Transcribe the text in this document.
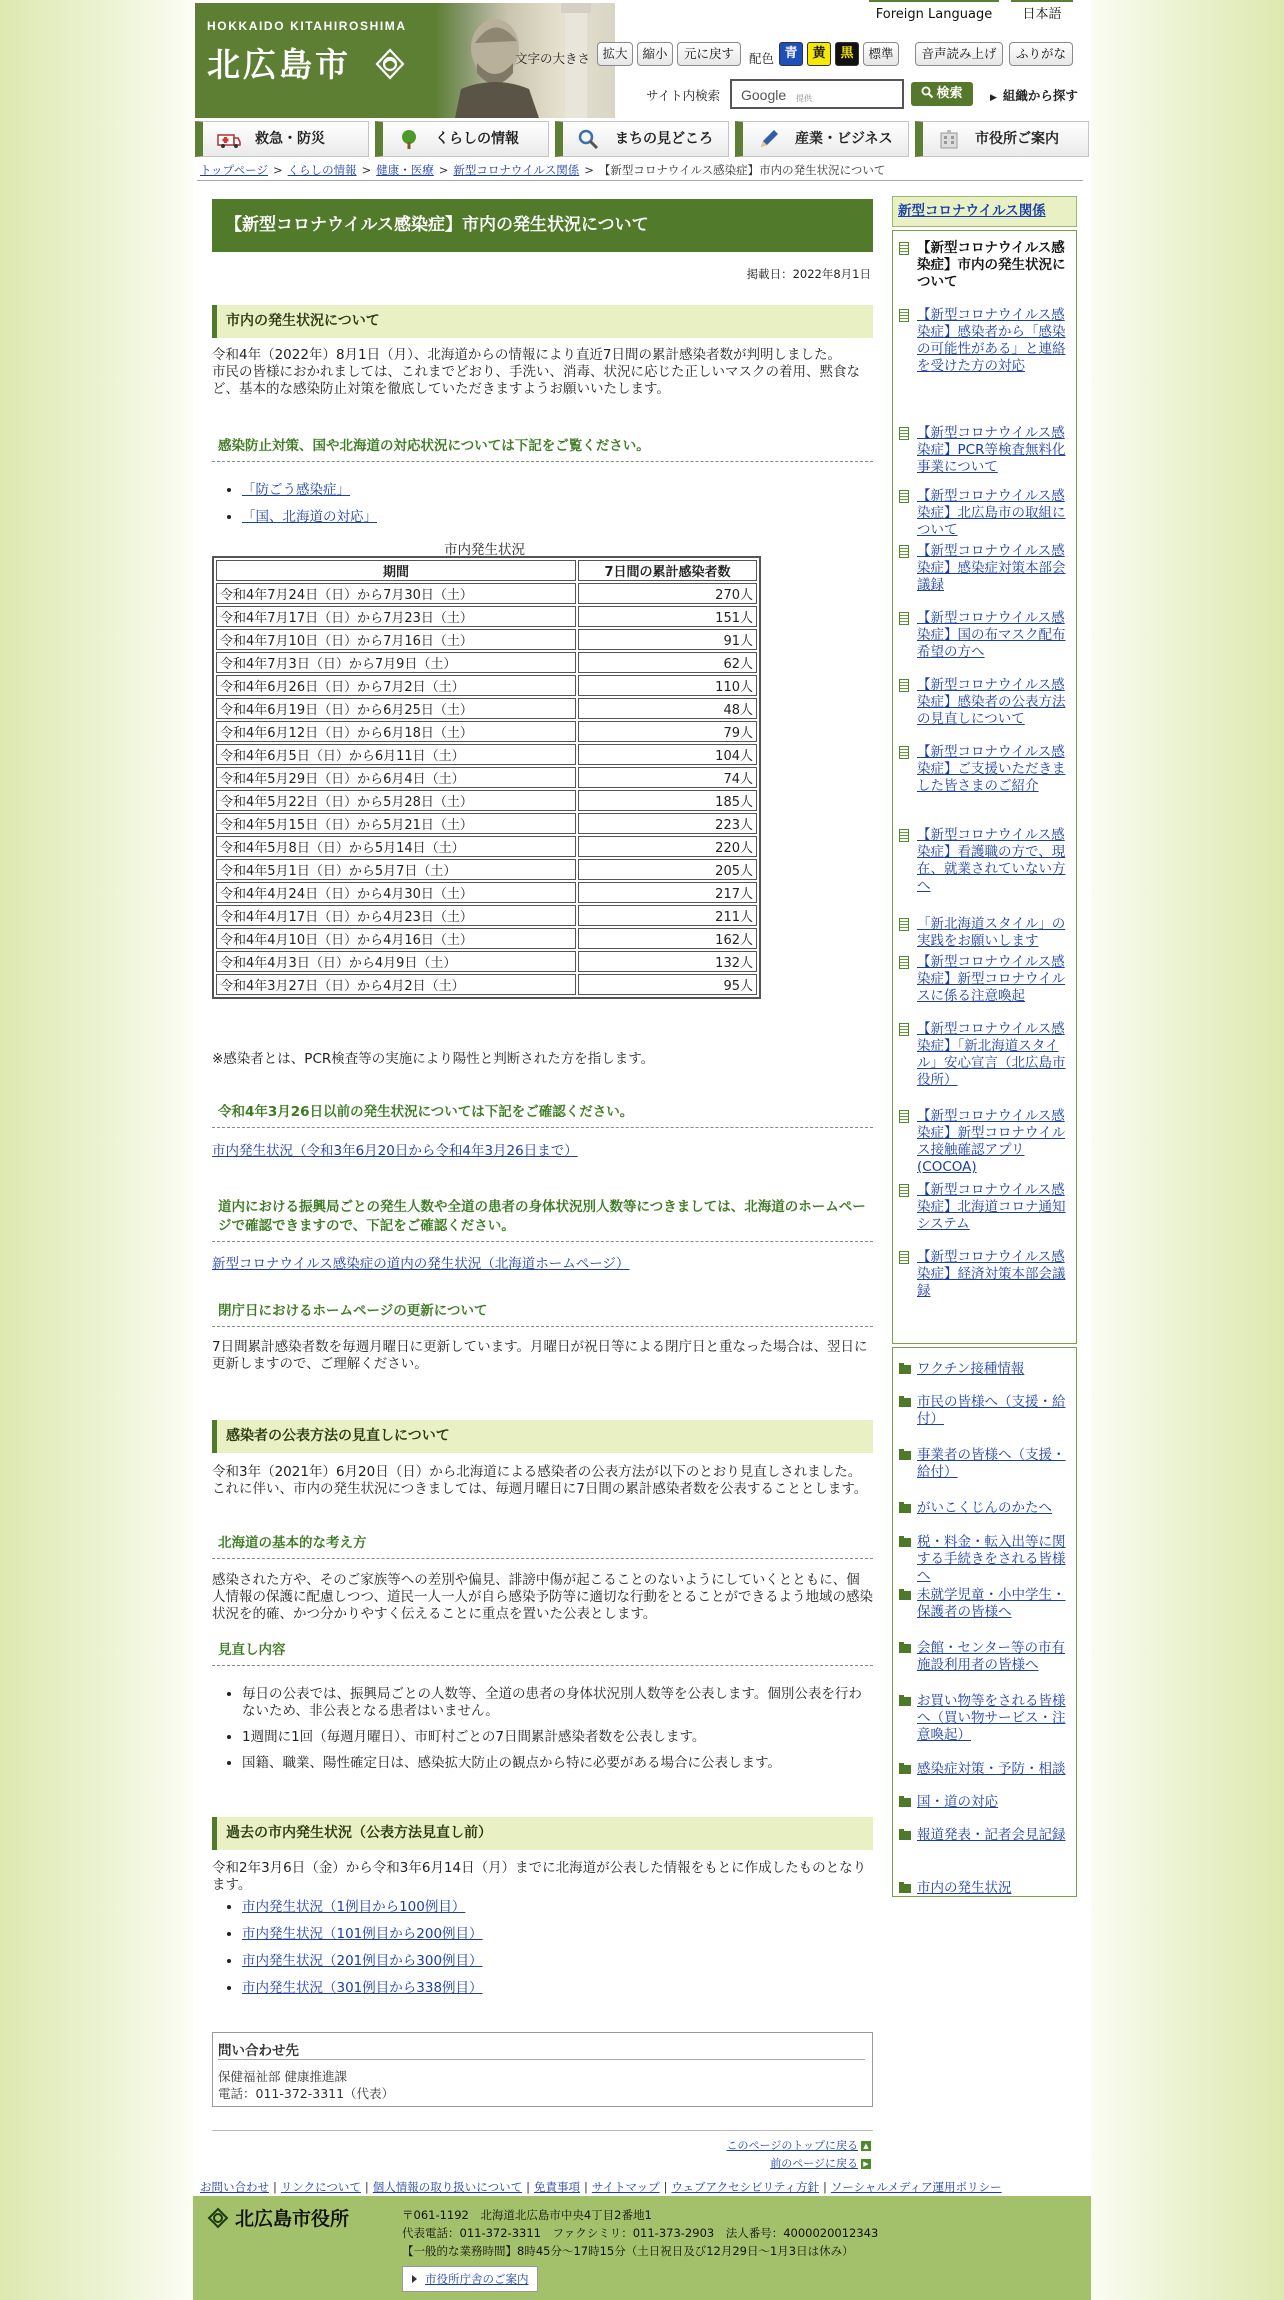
HOKKAIDO KITAHIROSHIMA
北広島市
Foreign Language	日本語
文字の大きさ 拡大	縮小	元に戻す	配色 青	黄	黒	標準	音声読み上げ	ふりがな
サイト内検索 Google 提供	検索	▶ 組織から探す
救急・防災	くらしの情報	まちの見どころ	産業・ビジネス	市役所ご案内
トップページ > くらしの情報 > 健康・医療 > 新型コロナウイルス関係 > 【新型コロナウイルス感染症】市内の発生状況について
【新型コロナウイルス感染症】市内の発生状況について
掲載日：2022年8月1日
市内の発生状況について

令和4年（2022年）8月1日（月）、北海道からの情報により直近7日間の累計感染者数が判明しました。
市民の皆様におかれましては、これまでどおり、手洗い、消毒、状況に応じた正しいマスクの着用、黙食など、基本的な感染防止対策を徹底していただきますようお願いいたします。

感染防止対策、国や北海道の対応状況については下記をご覧ください。
• 「防ごう感染症」
• 「国、北海道の対応」
市内発生状況
期間	7日間の累計感染者数
令和4年7月24日（日）から7月30日（土）	270人
令和4年7月17日（日）から7月23日（土）	151人
令和4年7月10日（日）から7月16日（土）	91人
令和4年7月3日（日）から7月9日（土）	62人
令和4年6月26日（日）から7月2日（土）	110人
令和4年6月19日（日）から6月25日（土）	48人
令和4年6月12日（日）から6月18日（土）	79人
令和4年6月5日（日）から6月11日（土）	104人
令和4年5月29日（日）から6月4日（土）	74人
令和4年5月22日（日）から5月28日（土）	185人
令和4年5月15日（日）から5月21日（土）	223人
令和4年5月8日（日）から5月14日（土）	220人
令和4年5月1日（日）から5月7日（土）	205人
令和4年4月24日（日）から4月30日（土）	217人
令和4年4月17日（日）から4月23日（土）	211人
令和4年4月10日（日）から4月16日（土）	162人
令和4年4月3日（日）から4月9日（土）	132人
令和4年3月27日（日）から4月2日（土）	95人

※感染者とは、PCR検査等の実施により陽性と判断された方を指します。

令和4年3月26日以前の発生状況については下記をご確認ください。
市内発生状況（令和3年6月20日から令和4年3月26日まで）
道内における振興局ごとの発生人数や全道の患者の身体状況別人数等につきましては、北海道のホームページで確認できますので、下記をご確認ください。
新型コロナウイルス感染症の道内の発生状況（北海道ホームページ）
閉庁日におけるホームページの更新について

7日間累計感染者数を毎週月曜日に更新しています。月曜日が祝日等による閉庁日と重なった場合は、翌日に更新しますので、ご理解ください。

感染者の公表方法の見直しについて

令和3年（2021年）6月20日（日）から北海道による感染者の公表方法が以下のとおり見直しされました。これに伴い、市内の発生状況につきましては、毎週月曜日に7日間の累計感染者数を公表することとします。

北海道の基本的な考え方

感染された方や、そのご家族等への差別や偏見、誹謗中傷が起こることのないようにしていくとともに、個人情報の保護に配慮しつつ、道民一人一人が自ら感染予防等に適切な行動をとることができるよう地域の感染状況を的確、かつ分かりやすく伝えることに重点を置いた公表とします。

見直し内容
• 毎日の公表では、振興局ごとの人数等、全道の患者の身体状況別人数等を公表します。個別公表を行わないため、非公表となる患者はいません。
• 1週間に1回（毎週月曜日）、市町村ごとの7日間累計感染者数を公表します。
• 国籍、職業、陽性確定日は、感染拡大防止の観点から特に必要がある場合に公表します。
過去の市内発生状況（公表方法見直し前）

令和2年3月6日（金）から令和3年6月14日（月）までに北海道が公表した情報をもとに作成したものとなります。

• 市内発生状況（1例目から100例目）
• 市内発生状況（101例目から200例目）
• 市内発生状況（201例目から300例目）
• 市内発生状況（301例目から338例目）
問い合わせ先
保健福祉部 健康推進課
電話：011-372-3311（代表）
このページのトップに戻る ▲
前のページに戻る ▶
新型コロナウイルス関係
【新型コロナウイルス感染症】市内の発生状況について
【新型コロナウイルス感染症】感染者から「感染の可能性がある」と連絡を受けた方の対応
【新型コロナウイルス感染症】PCR等検査無料化事業について
【新型コロナウイルス感染症】北広島市の取組について
【新型コロナウイルス感染症】感染症対策本部会議録
【新型コロナウイルス感染症】国の布マスク配布希望の方へ
【新型コロナウイルス感染症】感染者の公表方法の見直しについて
【新型コロナウイルス感染症】ご支援いただきました皆さまのご紹介
【新型コロナウイルス感染症】看護職の方で、現在、就業されていない方へ
「新北海道スタイル」の実践をお願いします
【新型コロナウイルス感染症】新型コロナウイルスに係る注意喚起
【新型コロナウイルス感染症】「新北海道スタイル」安心宣言（北広島市役所）
【新型コロナウイルス感染症】新型コロナウイルス接触確認アプリ(COCOA)
【新型コロナウイルス感染症】北海道コロナ通知システム
【新型コロナウイルス感染症】経済対策本部会議録
ワクチン接種情報
市民の皆様へ（支援・給付）
事業者の皆様へ（支援・給付）
がいこくじんのかたへ
税・料金・転入出等に関する手続きをされる皆様へ
未就学児童・小中学生・保護者の皆様へ
会館・センター等の市有施設利用者の皆様へ
お買い物等をされる皆様へ（買い物サービス・注意喚起）
感染症対策・予防・相談
国・道の対応
報道発表・記者会見記録
市内の発生状況
お問い合わせ | リンクについて | 個人情報の取り扱いについて | 免責事項 | サイトマップ | ウェブアクセシビリティ方針 | ソーシャルメディア運用ポリシー
北広島市役所	〒061-1192　北海道北広島市中央4丁目2番地1
代表電話：011-372-3311　ファクシミリ：011-373-2903　法人番号：4000020012343
【一般的な業務時間】8時45分～17時15分（土日祝日及び12月29日～1月3日は休み）
市役所庁舎のご案内
